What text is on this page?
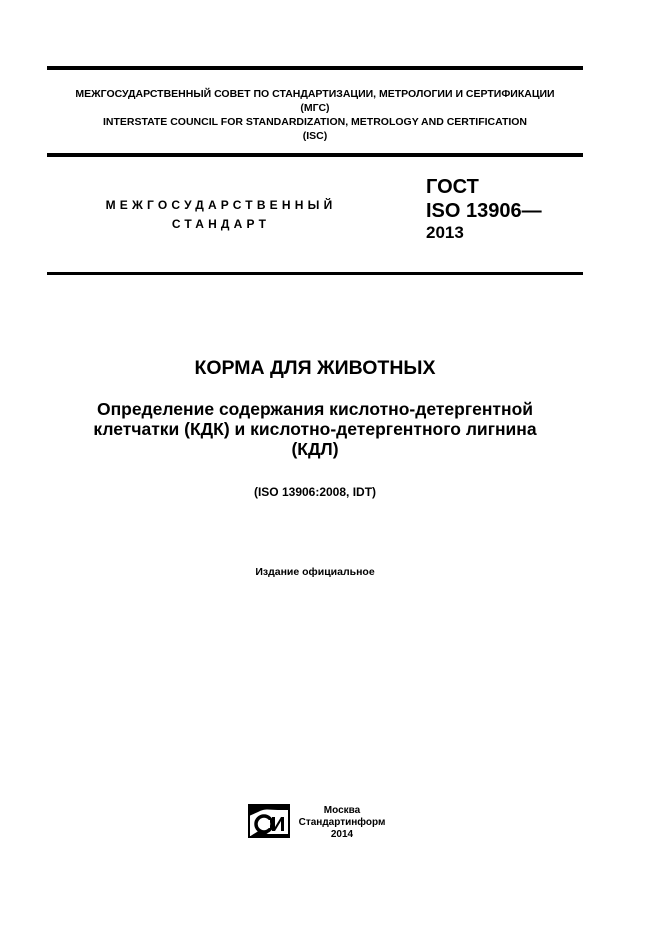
МЕЖГОСУДАРСТВЕННЫЙ СОВЕТ ПО СТАНДАРТИЗАЦИИ, МЕТРОЛОГИИ И СЕРТИФИКАЦИИ
(МГС)
INTERSTATE COUNCIL FOR STANDARDIZATION, METROLOGY AND CERTIFICATION
(ISC)
МЕЖГОСУДАРСТВЕННЫЙ
СТАНДАРТ
ГОСТ
ISO 13906—
2013
КОРМА ДЛЯ ЖИВОТНЫХ
Определение содержания кислотно-детергентной
клетчатки (КДК) и кислотно-детергентного лигнина
(КДЛ)
(ISO 13906:2008, IDT)
Издание официальное
Москва
Стандартинформ
2014
